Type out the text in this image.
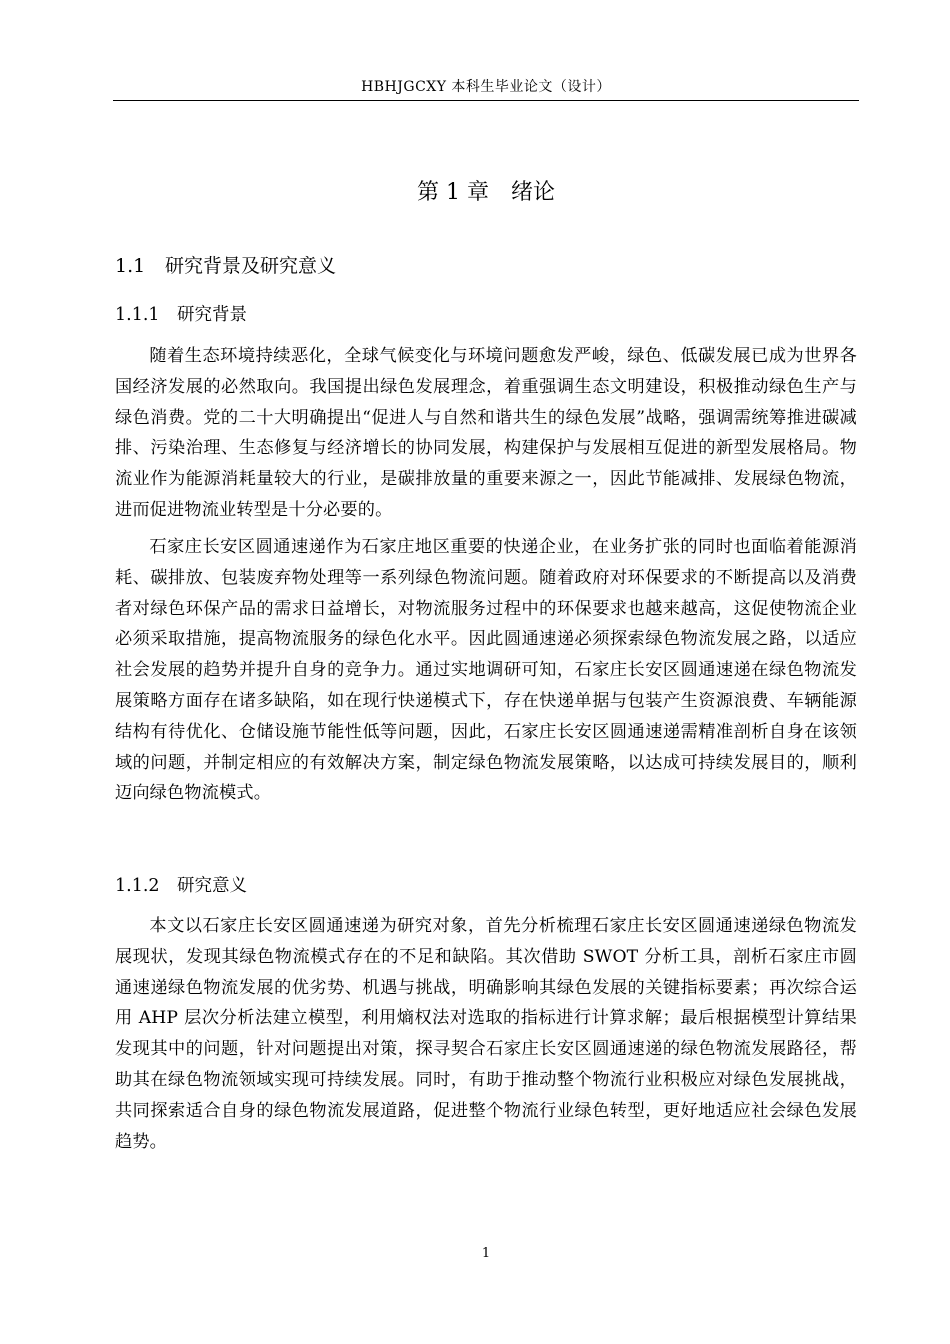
HBHJGCXY 本科生毕业论文（设计）
第 1 章 绪论
1.1 研究背景及研究意义
1.1.1 研究背景

随着生态环境持续恶化，全球气候变化与环境问题愈发严峻，绿色、低碳发展已成为世界各国经济发展的必然取向。我国提出绿色发展理念，着重强调生态文明建设，积极推动绿色生产与绿色消费。党的二十大明确提出“促进人与自然和谐共生的绿色发展”战略，强调需统筹推进碳减排、污染治理、生态修复与经济增长的协同发展，构建保护与发展相互促进的新型发展格局。物流业作为能源消耗量较大的行业，是碳排放量的重要来源之一，因此节能减排、发展绿色物流，进而促进物流业转型是十分必要的。

石家庄长安区圆通速递作为石家庄地区重要的快递企业，在业务扩张的同时也面临着能源消耗、碳排放、包装废弃物处理等一系列绿色物流问题。随着政府对环保要求的不断提高以及消费者对绿色环保产品的需求日益增长，对物流服务过程中的环保要求也越来越高，这促使物流企业必须采取措施，提高物流服务的绿色化水平。因此圆通速递必须探索绿色物流发展之路，以适应社会发展的趋势并提升自身的竞争力。通过实地调研可知，石家庄长安区圆通速递在绿色物流发展策略方面存在诸多缺陷，如在现行快递模式下，存在快递单据与包装产生资源浪费、车辆能源结构有待优化、仓储设施节能性低等问题，因此，石家庄长安区圆通速递需精准剖析自身在该领域的问题，并制定相应的有效解决方案，制定绿色物流发展策略，以达成可持续发展目的，顺利迈向绿色物流模式。

1.1.2 研究意义

本文以石家庄长安区圆通速递为研究对象，首先分析梳理石家庄长安区圆通速递绿色物流发展现状，发现其绿色物流模式存在的不足和缺陷。其次借助 SWOT 分析工具，剖析石家庄市圆通速递绿色物流发展的优劣势、机遇与挑战，明确影响其绿色发展的关键指标要素；再次综合运用 AHP 层次分析法建立模型，利用熵权法对选取的指标进行计算求解；最后根据模型计算结果发现其中的问题，针对问题提出对策，探寻契合石家庄长安区圆通速递的绿色物流发展路径，帮助其在绿色物流领域实现可持续发展。同时，有助于推动整个物流行业积极应对绿色发展挑战，共同探索适合自身的绿色物流发展道路，促进整个物流行业绿色转型，更好地适应社会绿色发展趋势。

1
